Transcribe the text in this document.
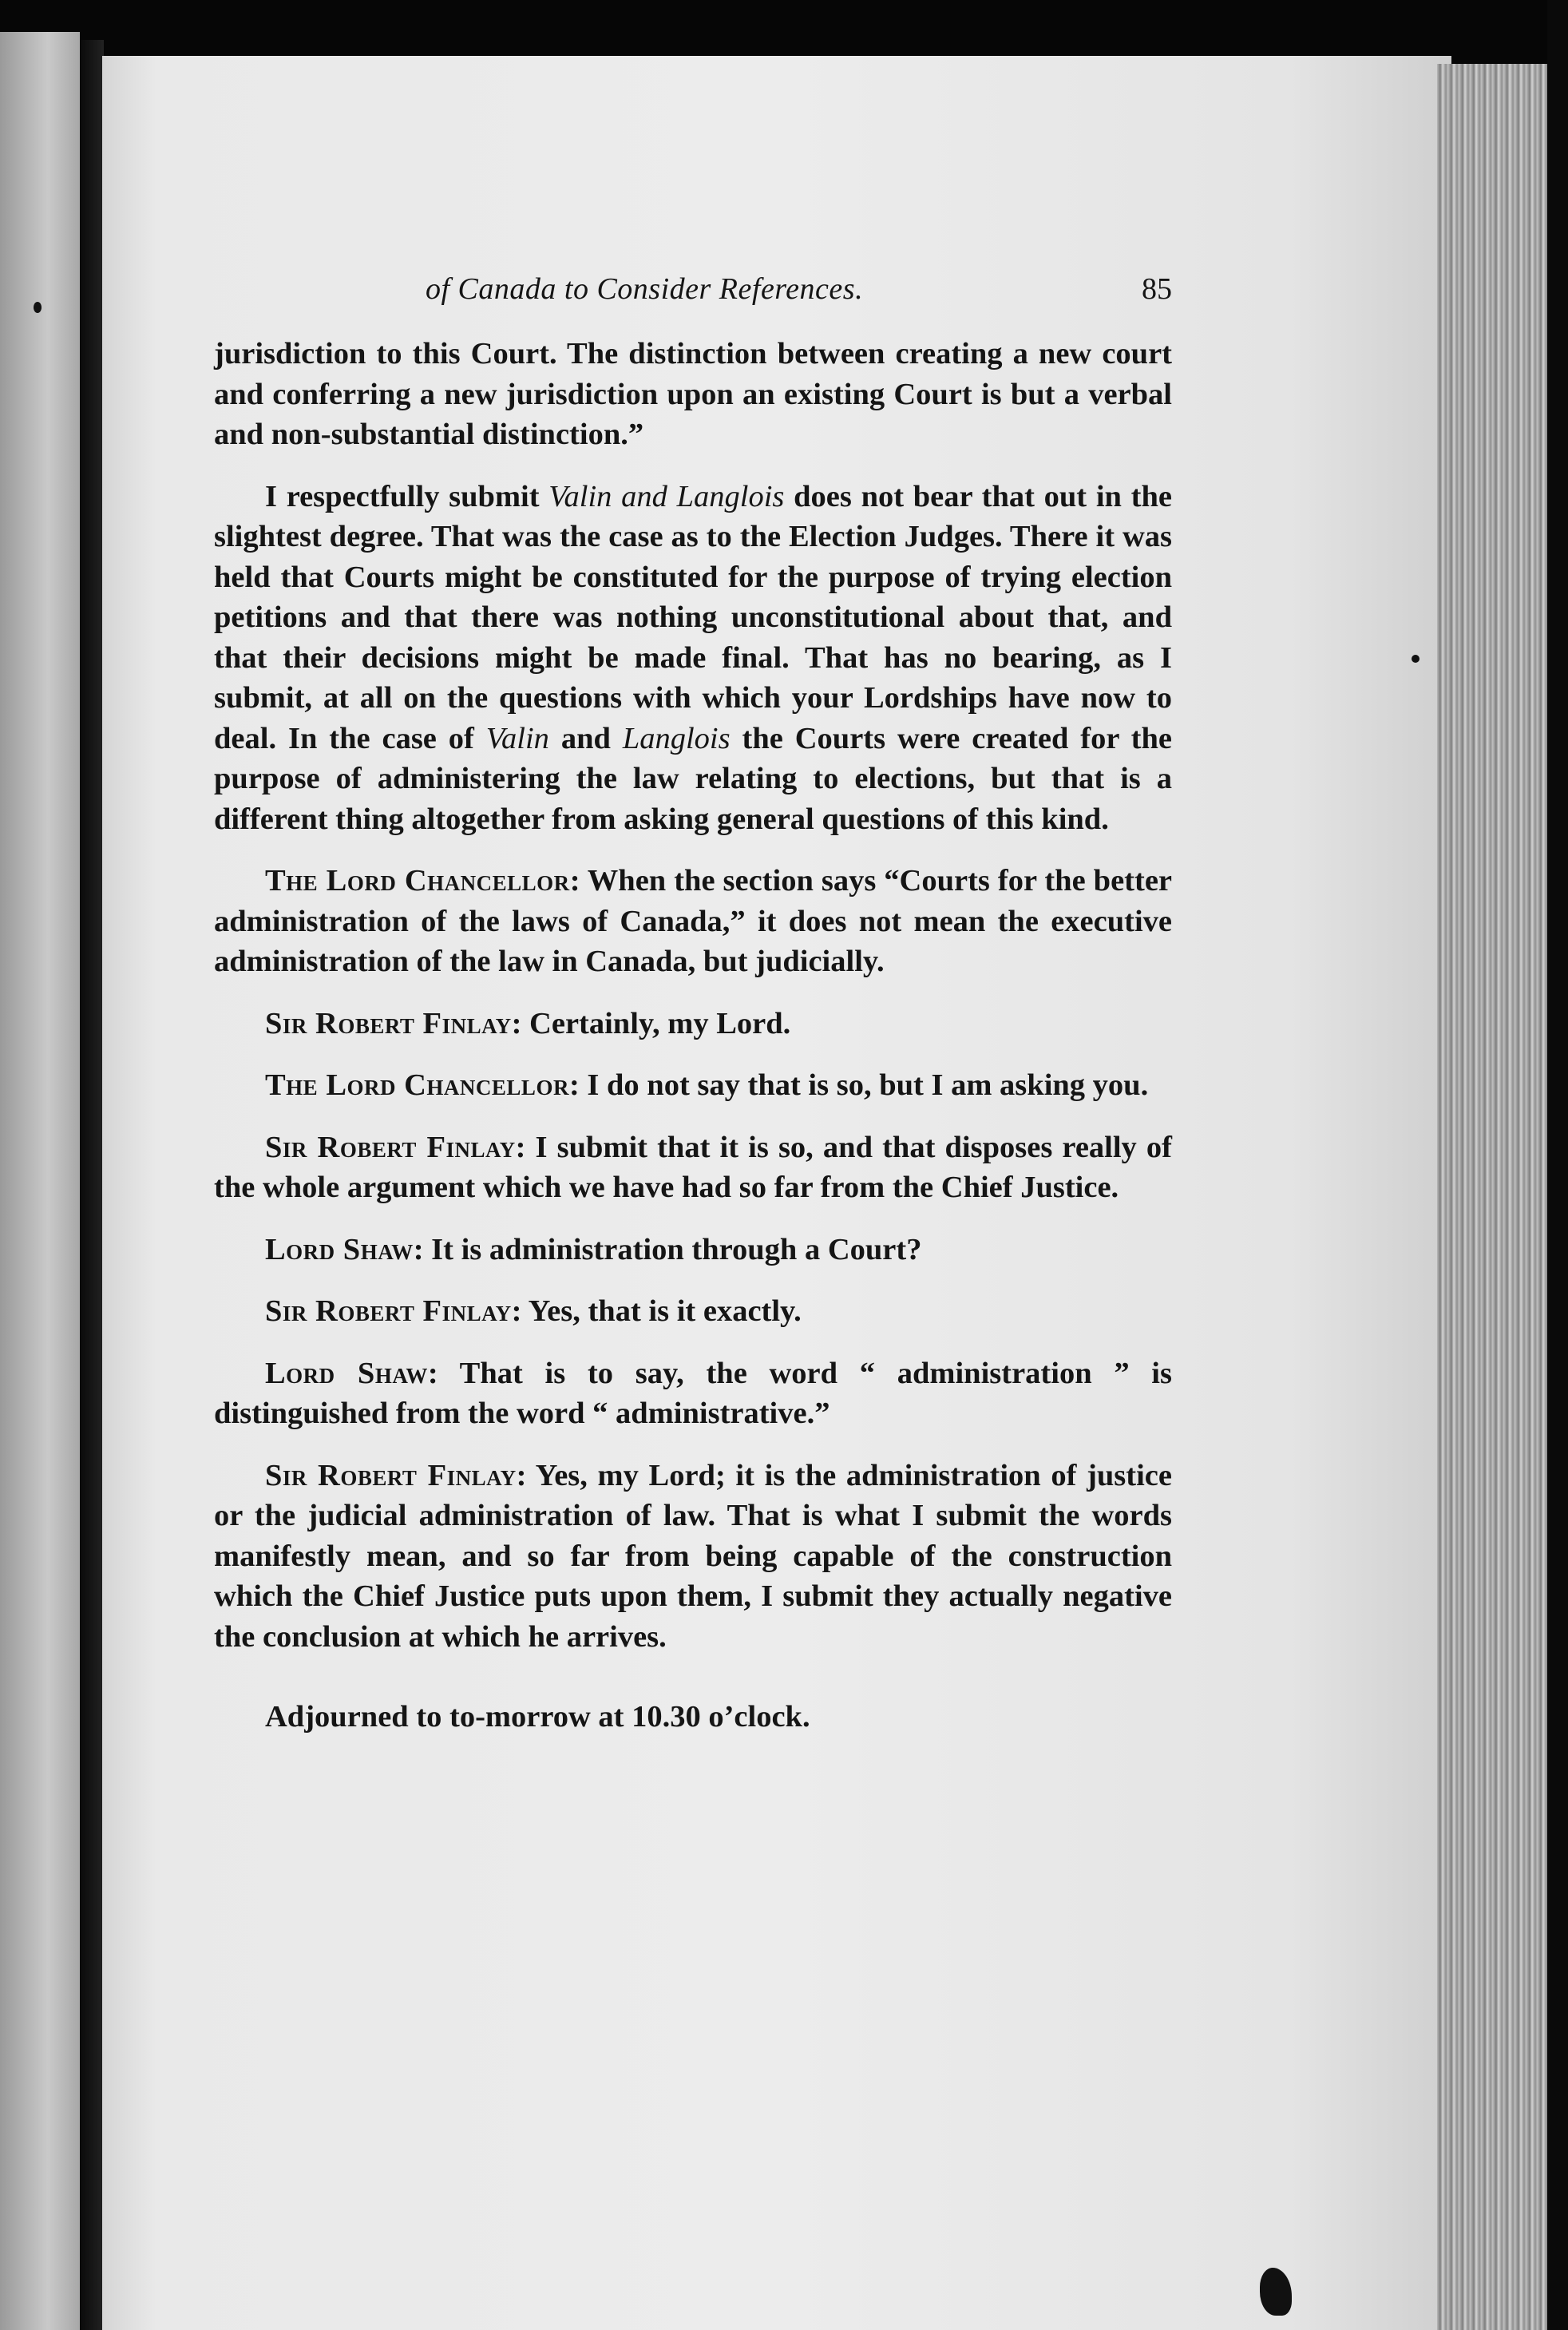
of Canada to Consider References.	85

jurisdiction to this Court. The distinction between creating a new court and conferring a new jurisdiction upon an existing Court is but a verbal and non-substantial distinction.”

I respectfully submit Valin and Langlois does not bear that out in the slightest degree. That was the case as to the Election Judges. There it was held that Courts might be constituted for the purpose of trying election petitions and that there was nothing unconstitutional about that, and that their decisions might be made final. That has no bearing, as I submit, at all on the questions with which your Lordships have now to deal. In the case of Valin and Langlois the Courts were created for the purpose of administering the law relating to elections, but that is a different thing altogether from asking general questions of this kind.

The Lord Chancellor: When the section says “Courts for the better administration of the laws of Canada,” it does not mean the executive administration of the law in Canada, but judicially.

Sir Robert Finlay: Certainly, my Lord.

The Lord Chancellor: I do not say that is so, but I am asking you.

Sir Robert Finlay: I submit that it is so, and that disposes really of the whole argument which we have had so far from the Chief Justice.

Lord Shaw: It is administration through a Court?

Sir Robert Finlay: Yes, that is it exactly.

Lord Shaw: That is to say, the word “ administration ” is distinguished from the word “ administrative.”

Sir Robert Finlay: Yes, my Lord; it is the administration of justice or the judicial administration of law. That is what I submit the words manifestly mean, and so far from being capable of the construction which the Chief Justice puts upon them, I submit they actually negative the conclusion at which he arrives.

Adjourned to to-morrow at 10.30 o’clock.
